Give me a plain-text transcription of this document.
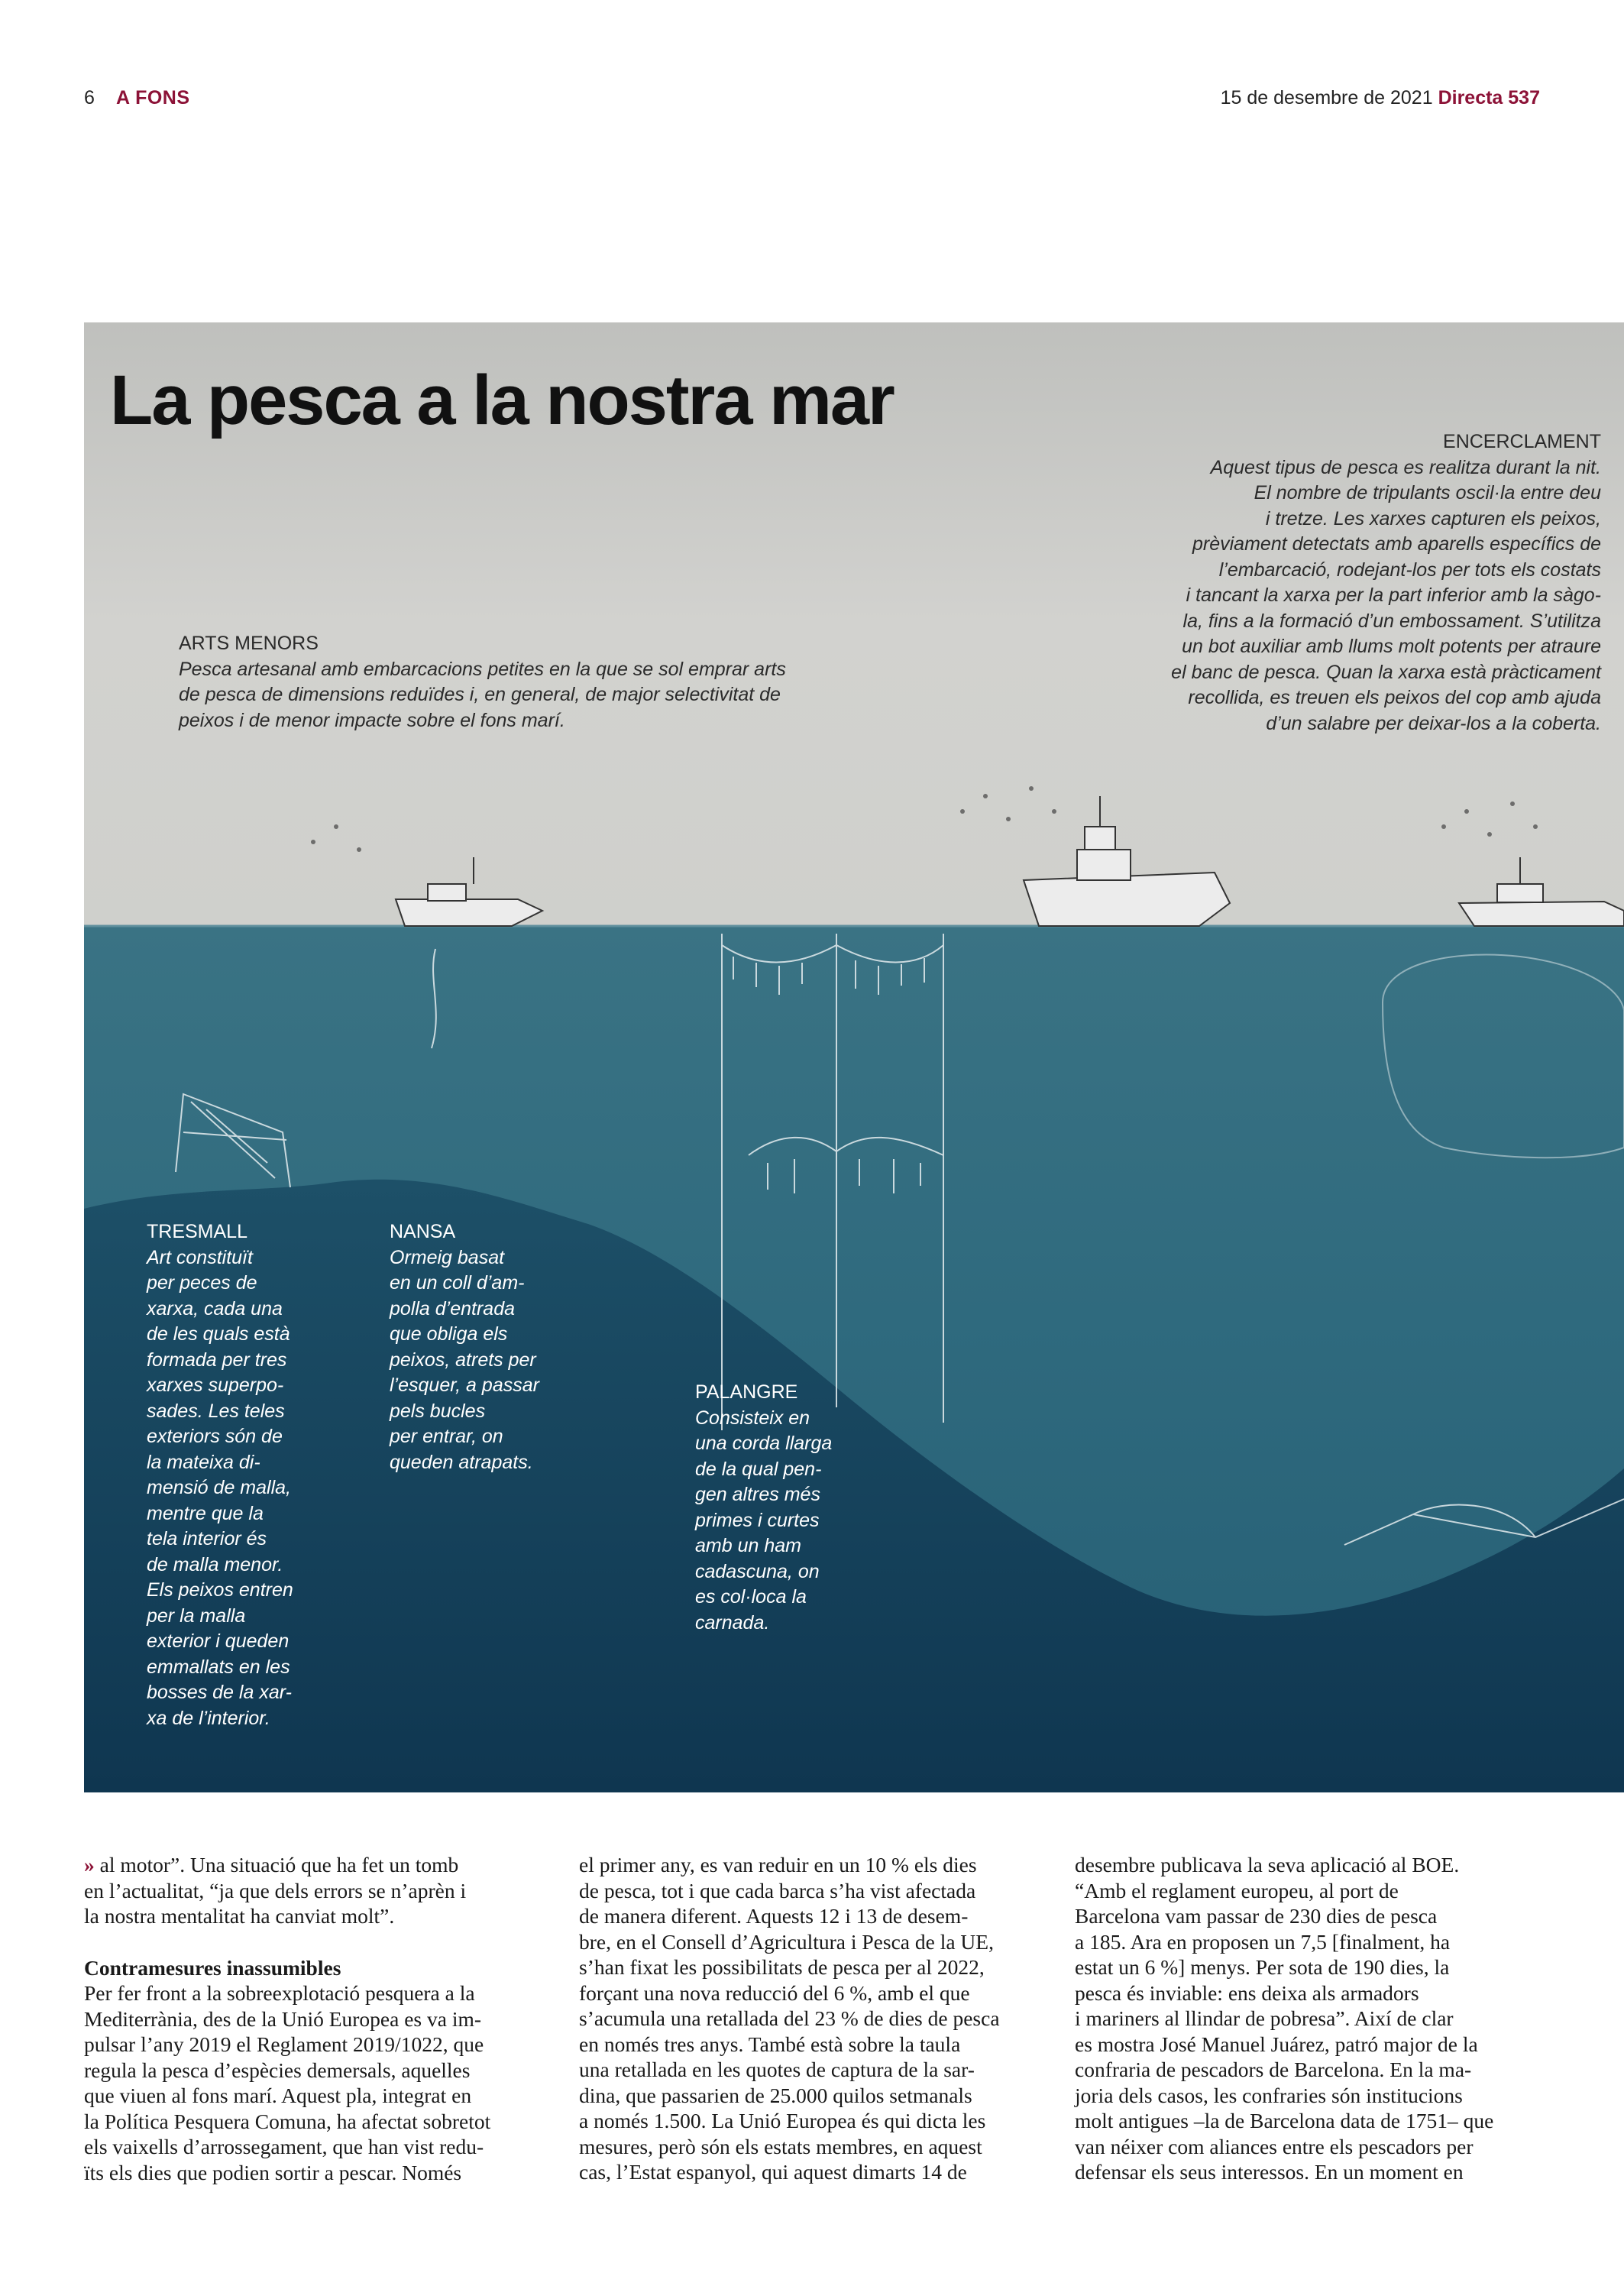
6 A FONS	15 de desembre de 2021 Directa 537
La pesca a la nostra mar
ENCERCLAMENT
Aquest tipus de pesca es realitza durant la nit.
El nombre de tripulants oscil·la entre deu
i tretze. Les xarxes capturen els peixos,
prèviament detectats amb aparells específics de
l’embarcació, rodejant-los per tots els costats
i tancant la xarxa per la part inferior amb la sàgo-
la, fins a la formació d’un embossament. S’utilitza
un bot auxiliar amb llums molt potents per atraure
el banc de pesca. Quan la xarxa està pràcticament
recollida, es treuen els peixos del cop amb ajuda
d’un salabre per deixar-los a la coberta.
ARTS MENORS
Pesca artesanal amb embarcacions petites en la que se sol emprar arts
de pesca de dimensions reduïdes i, en general, de major selectivitat de
peixos i de menor impacte sobre el fons marí.
TRESMALL
Art constituït
per peces de
xarxa, cada una
de les quals està
formada per tres
xarxes superpo-
sades. Les teles
exteriors són de
la mateixa di-
mensió de malla,
mentre que la
tela interior és
de malla menor.
Els peixos entren
per la malla
exterior i queden
emmallats en les
bosses de la xar-
xa de l’interior.
NANSA
Ormeig basat
en un coll d’am-
polla d’entrada
que obliga els
peixos, atrets per
l’esquer, a passar
pels bucles
per entrar, on
queden atrapats.
PALANGRE
Consisteix en
una corda llarga
de la qual pen-
gen altres més
primes i curtes
amb un ham
cadascuna, on
es col·loca la
carnada.

» al motor”. Una situació que ha fet un tomb
en l’actualitat, “ja que dels errors se n’aprèn i
la nostra mentalitat ha canviat molt”.

Contramesures inassumibles

Per fer front a la sobreexplotació pesquera a la
Mediterrània, des de la Unió Europea es va im-
pulsar l’any 2019 el Reglament 2019/1022, que
regula la pesca d’espècies demersals, aquelles
que viuen al fons marí. Aquest pla, integrat en
la Política Pesquera Comuna, ha afectat sobretot
els vaixells d’arrossegament, que han vist redu-
ïts els dies que podien sortir a pescar. Només

el primer any, es van reduir en un 10 % els dies
de pesca, tot i que cada barca s’ha vist afectada
de manera diferent. Aquests 12 i 13 de desem-
bre, en el Consell d’Agricultura i Pesca de la UE,
s’han fixat les possibilitats de pesca per al 2022,
forçant una nova reducció del 6 %, amb el que
s’acumula una retallada del 23 % de dies de pesca
en només tres anys. També està sobre la taula
una retallada en les quotes de captura de la sar-
dina, que passarien de 25.000 quilos setmanals
a només 1.500. La Unió Europea és qui dicta les
mesures, però són els estats membres, en aquest
cas, l’Estat espanyol, qui aquest dimarts 14 de

desembre publicava la seva aplicació al BOE.
“Amb el reglament europeu, al port de
Barcelona vam passar de 230 dies de pesca
a 185. Ara en proposen un 7,5 [finalment, ha
estat un 6 %] menys. Per sota de 190 dies, la
pesca és inviable: ens deixa als armadors
i mariners al llindar de pobresa”. Així de clar
es mostra José Manuel Juárez, patró major de la
confraria de pescadors de Barcelona. En la ma-
joria dels casos, les confraries són institucions
molt antigues –la de Barcelona data de 1751– que
van néixer com aliances entre els pescadors per
defensar els seus interessos. En un moment en
